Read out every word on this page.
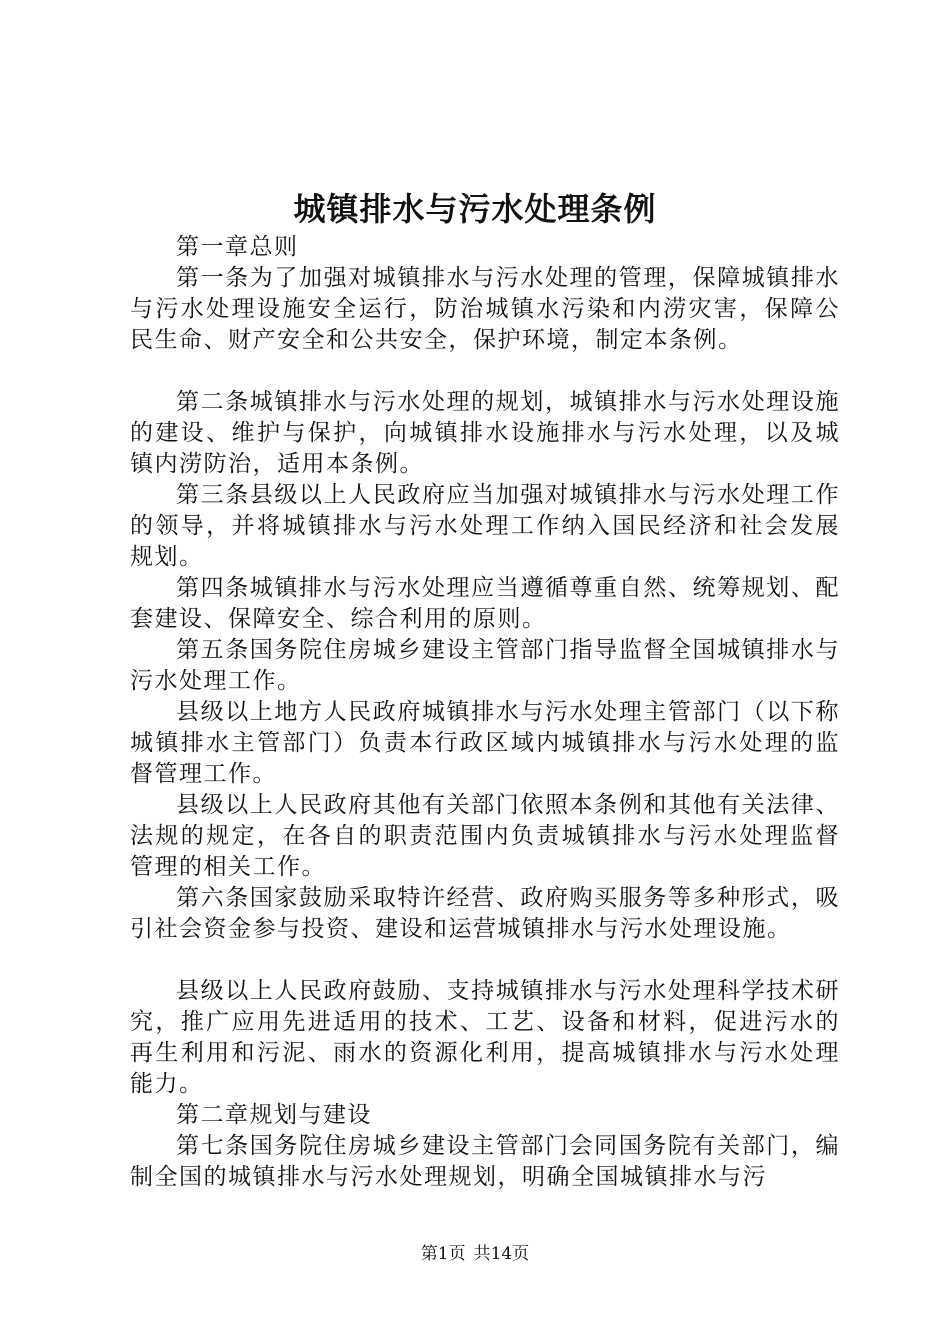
城镇排水与污水处理条例

第一章总则

第一条为了加强对城镇排水与污水处理的管理，保障城镇排水与污水处理设施安全运行，防治城镇水污染和内涝灾害，保障公民生命、财产安全和公共安全，保护环境，制定本条例。

第二条城镇排水与污水处理的规划，城镇排水与污水处理设施的建设、维护与保护，向城镇排水设施排水与污水处理，以及城镇内涝防治，适用本条例。

第三条县级以上人民政府应当加强对城镇排水与污水处理工作的领导，并将城镇排水与污水处理工作纳入国民经济和社会发展规划。

第四条城镇排水与污水处理应当遵循尊重自然、统筹规划、配套建设、保障安全、综合利用的原则。

第五条国务院住房城乡建设主管部门指导监督全国城镇排水与污水处理工作。

县级以上地方人民政府城镇排水与污水处理主管部门（以下称城镇排水主管部门）负责本行政区域内城镇排水与污水处理的监督管理工作。

县级以上人民政府其他有关部门依照本条例和其他有关法律、法规的规定，在各自的职责范围内负责城镇排水与污水处理监督管理的相关工作。

第六条国家鼓励采取特许经营、政府购买服务等多种形式，吸引社会资金参与投资、建设和运营城镇排水与污水处理设施。

县级以上人民政府鼓励、支持城镇排水与污水处理科学技术研究，推广应用先进适用的技术、工艺、设备和材料，促进污水的再生利用和污泥、雨水的资源化利用，提高城镇排水与污水处理能力。

第二章规划与建设

第七条国务院住房城乡建设主管部门会同国务院有关部门，编制全国的城镇排水与污水处理规划，明确全国城镇排水与污

第1页 共14页
